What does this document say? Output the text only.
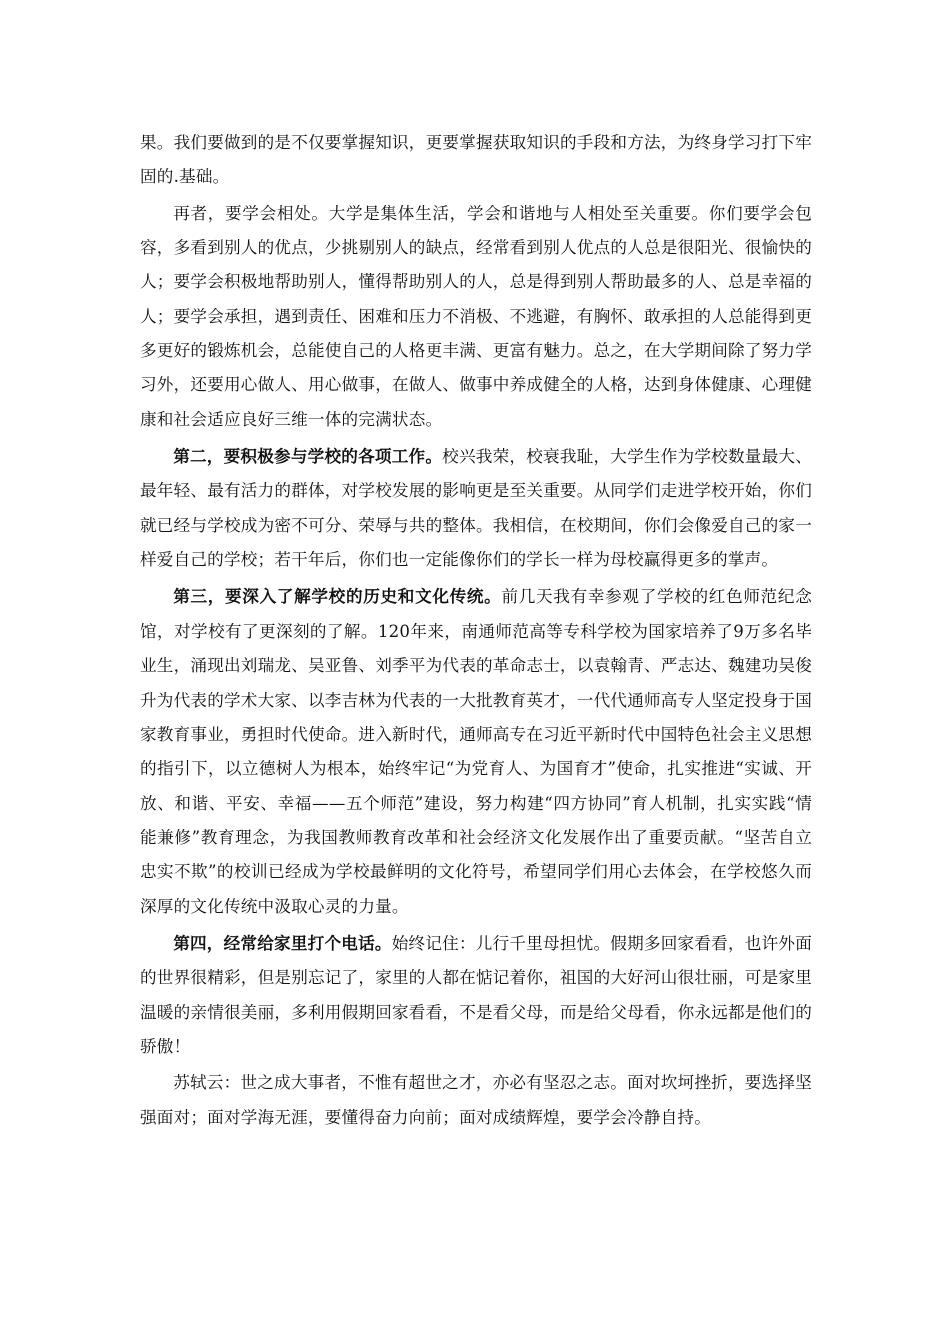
果。我们要做到的是不仅要掌握知识，更要掌握获取知识的手段和方法，为终身学习打下牢固的.基础。

再者，要学会相处。大学是集体生活，学会和谐地与人相处至关重要。你们要学会包容，多看到别人的优点，少挑剔别人的缺点，经常看到别人优点的人总是很阳光、很愉快的人；要学会积极地帮助别人，懂得帮助别人的人，总是得到别人帮助最多的人、总是幸福的人；要学会承担，遇到责任、困难和压力不消极、不逃避，有胸怀、敢承担的人总能得到更多更好的锻炼机会，总能使自己的人格更丰满、更富有魅力。总之，在大学期间除了努力学习外，还要用心做人、用心做事，在做人、做事中养成健全的人格，达到身体健康、心理健康和社会适应良好三维一体的完满状态。

第二，要积极参与学校的各项工作。校兴我荣，校衰我耻，大学生作为学校数量最大、最年轻、最有活力的群体，对学校发展的影响更是至关重要。从同学们走进学校开始，你们就已经与学校成为密不可分、荣辱与共的整体。我相信，在校期间，你们会像爱自己的家一样爱自己的学校；若干年后，你们也一定能像你们的学长一样为母校赢得更多的掌声。

第三，要深入了解学校的历史和文化传统。前几天我有幸参观了学校的红色师范纪念馆，对学校有了更深刻的了解。120年来，南通师范高等专科学校为国家培养了9万多名毕业生，涌现出刘瑞龙、吴亚鲁、刘季平为代表的革命志士，以袁翰青、严志达、魏建功吴俊升为代表的学术大家、以李吉林为代表的一大批教育英才，一代代通师高专人坚定投身于国家教育事业，勇担时代使命。进入新时代，通师高专在习近平新时代中国特色社会主义思想的指引下，以立德树人为根本，始终牢记“为党育人、为国育才”使命，扎实推进“实诚、开放、和谐、平安、幸福——五个师范”建设，努力构建“四方协同”育人机制，扎实实践“情能兼修”教育理念，为我国教师教育改革和社会经济文化发展作出了重要贡献。“坚苦自立忠实不欺”的校训已经成为学校最鲜明的文化符号，希望同学们用心去体会，在学校悠久而深厚的文化传统中汲取心灵的力量。

第四，经常给家里打个电话。始终记住：儿行千里母担忧。假期多回家看看，也许外面的世界很精彩，但是别忘记了，家里的人都在惦记着你，祖国的大好河山很壮丽，可是家里温暖的亲情很美丽，多利用假期回家看看，不是看父母，而是给父母看，你永远都是他们的骄傲！

苏轼云：世之成大事者，不惟有超世之才，亦必有坚忍之志。面对坎坷挫折，要选择坚强面对；面对学海无涯，要懂得奋力向前；面对成绩辉煌，要学会冷静自持。
